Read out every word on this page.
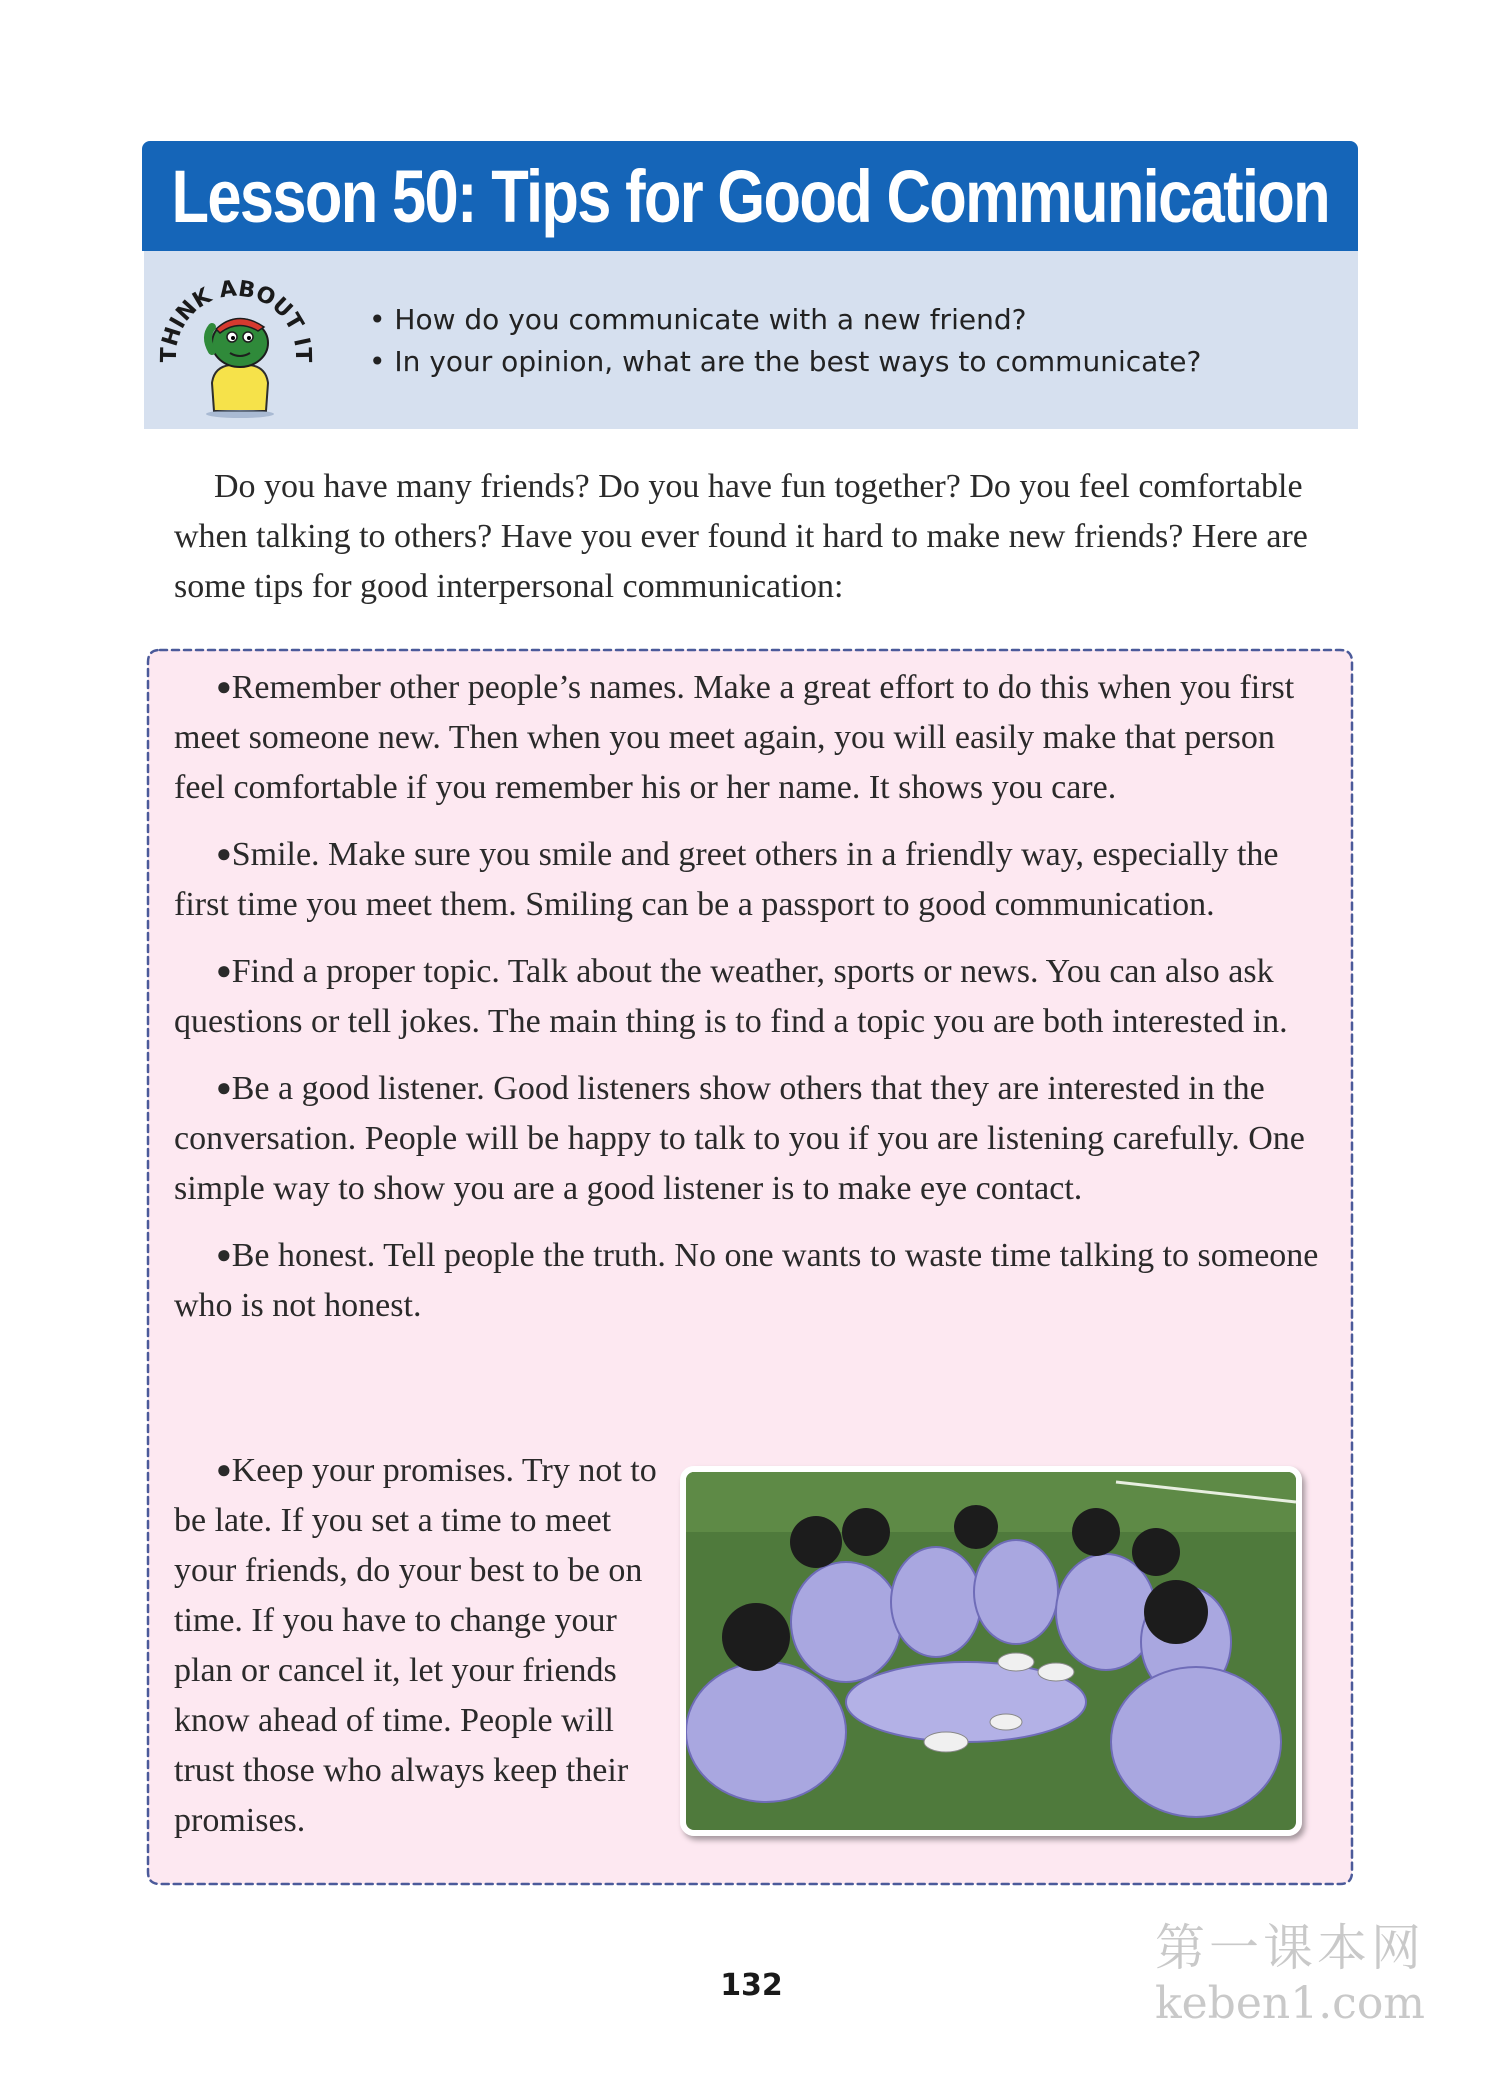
Lesson 50: Tips for Good Communication
THINK ABOUT IT
• How do you communicate with a new friend?
• In your opinion, what are the best ways to communicate?

Do you have many friends? Do you have fun together? Do you feel comfortable when talking to others? Have you ever found it hard to make new friends? Here are some tips for good interpersonal communication:

● Remember other people’s names. Make a great effort to do this when you first meet someone new. Then when you meet again, you will easily make that person feel comfortable if you remember his or her name. It shows you care.

● Smile. Make sure you smile and greet others in a friendly way, especially the first time you meet them. Smiling can be a passport to good communication.

● Find a proper topic. Talk about the weather, sports or news. You can also ask questions or tell jokes. The main thing is to find a topic you are both interested in.

● Be a good listener. Good listeners show others that they are interested in the conversation. People will be happy to talk to you if you are listening carefully. One simple way to show you are a good listener is to make eye contact.

● Be honest. Tell people the truth. No one wants to waste time talking to someone who is not honest.

● Keep your promises. Try not to be late. If you set a time to meet your friends, do your best to be on time. If you have to change your plan or cancel it, let your friends know ahead of time. People will trust those who always keep their promises.

132
第一课本网
keben1.com
